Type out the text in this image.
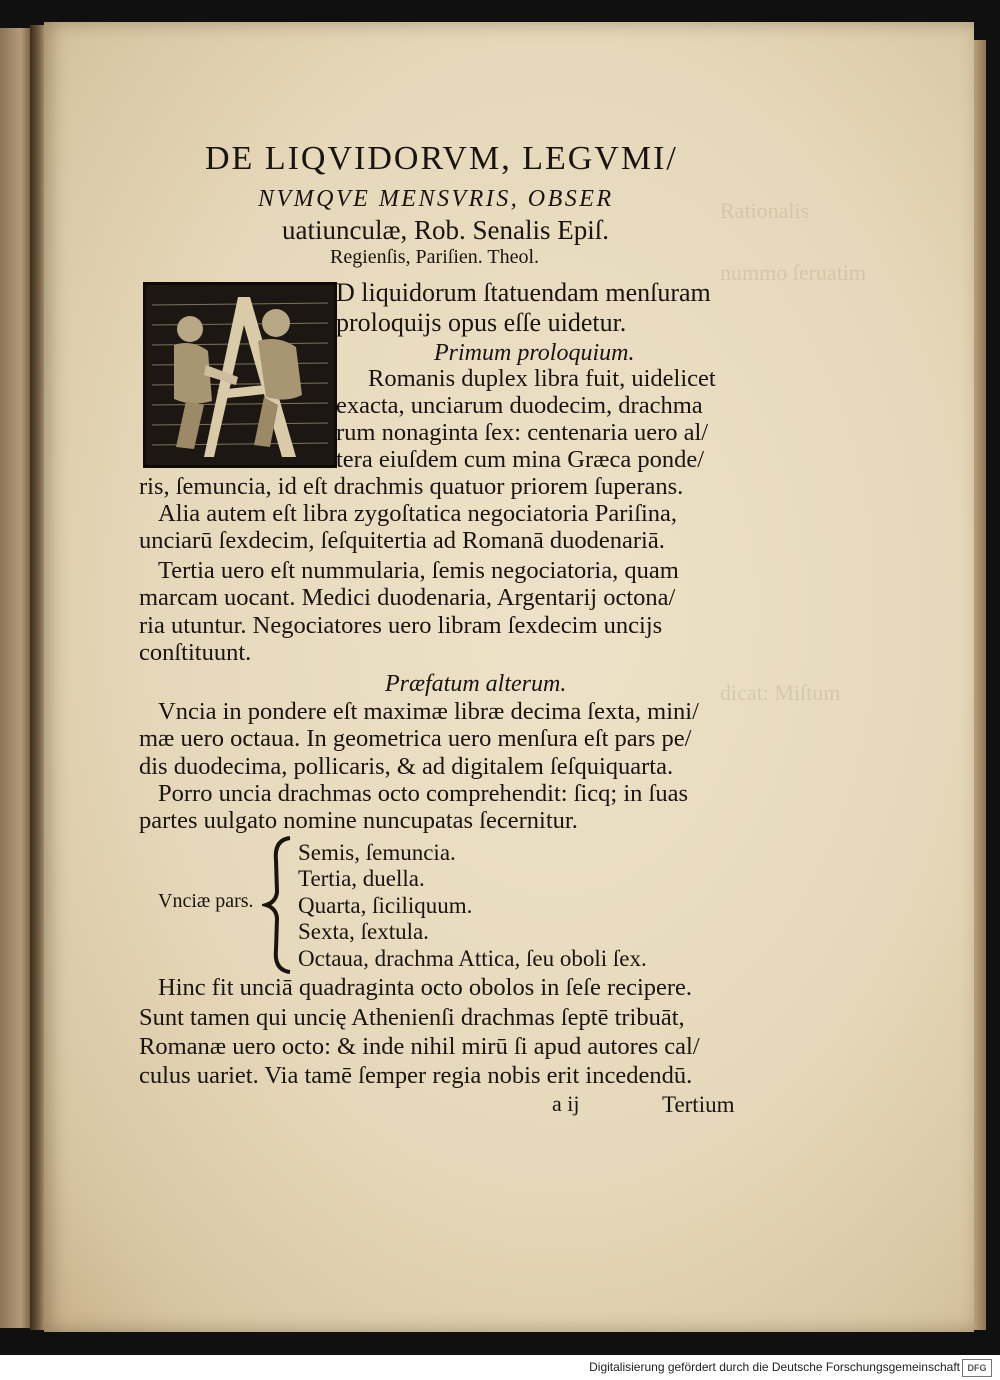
Rationalis
nummo ſeruatim
dicat: Miſtum
DE LIQVIDORVM, LEGVMI/
NVMQVE MENSVRIS, OBSER
uatiunculæ, Rob. Senalis Epiſ.
Regienſis, Pariſien. Theol.
D liquidorum ſtatuendam menſuram
proloquijs opus eſſe uidetur.
Primum proloquium.
Romanis duplex libra fuit, uidelicet
exacta, unciarum duodecim, drachma
rum nonaginta ſex: centenaria uero al/
tera eiuſdem cum mina Græca ponde/
ris, ſemuncia, id eſt drachmis quatuor priorem ſuperans.
Alia autem eſt libra zygoſtatica negociatoria Pariſina,
unciarū ſexdecim, ſeſquitertia ad Romanā duodenariā.
Tertia uero eſt nummularia, ſemis negociatoria, quam
marcam uocant. Medici duodenaria, Argentarij octona/
ria utuntur. Negociatores uero libram ſexdecim uncijs
conſtituunt.
Præfatum alterum.
Vncia in pondere eſt maximæ libræ decima ſexta, mini/
mæ uero octaua. In geometrica uero menſura eſt pars pe/
dis duodecima, pollicaris, & ad digitalem ſeſquiquarta.
Porro uncia drachmas octo comprehendit: ſicq; in ſuas
partes uulgato nomine nuncupatas ſecernitur.
Vnciæ pars.
Semis, ſemuncia.
Tertia, duella.
Quarta, ſiciliquum.
Sexta, ſextula.
Octaua, drachma Attica, ſeu oboli ſex.
Hinc fit unciā quadraginta octo obolos in ſeſe recipere.
Sunt tamen qui uncię Athenienſi drachmas ſeptē tribuāt,
Romanæ uero octo: & inde nihil mirū ſi apud autores cal/
culus uariet. Via tamē ſemper regia nobis erit incedendū.
a ij	Tertium
Digitalisierung gefördert durch die Deutsche Forschungsgemeinschaft DFG
